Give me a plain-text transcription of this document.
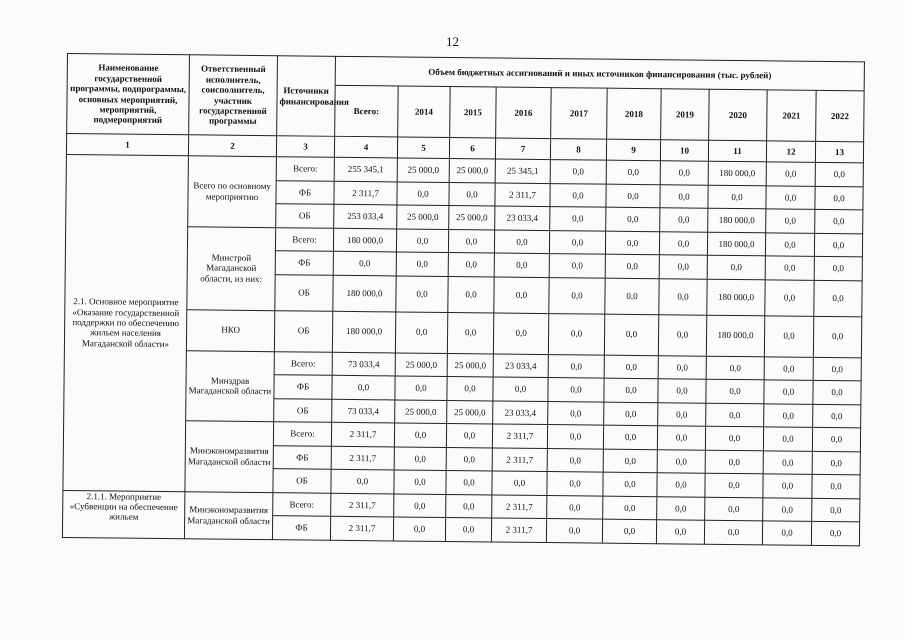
12
Наименование государственной программы, подпрограммы, основных мероприятий, мероприятий, подмероприятий	Ответственный исполнитель, соисполнитель, участник государственной программы	Источники финансирования	Объем бюджетных ассигнований и иных источников финансирования (тыс. рублей)									
			Всего:	2014	2015	2016	2017	2018	2019	2020	2021	2022
1	2	3	4	5	6	7	8	9	10	11	12	13
2.1. Основное мероприятие «Оказание государственной поддержки по обеспечению жильем населения Магаданской области»	Всего по основному мероприятию	Всего:	255 345,1	25 000,0	25 000,0	25 345,1	0,0	0,0	0,0	180 000,0	0,0	0,0
		ФБ	2 311,7	0,0	0,0	2 311,7	0,0	0,0	0,0	0,0	0,0	0,0
		ОБ	253 033,4	25 000,0	25 000,0	23 033,4	0,0	0,0	0,0	180 000,0	0,0	0,0
	Минстрой Магаданской области, из них:	Всего:	180 000,0	0,0	0,0	0,0	0,0	0,0	0,0	180 000,0	0,0	0,0
		ФБ	0,0	0,0	0,0	0,0	0,0	0,0	0,0	0,0	0,0	0,0
		ОБ	180 000,0	0,0	0,0	0,0	0,0	0,0	0,0	180 000,0	0,0	0,0
	НКО	ОБ	180 000,0	0,0	0,0	0,0	0,0	0,0	0,0	180 000,0	0,0	0,0
	Минздрав Магаданской области	Всего:	73 033,4	25 000,0	25 000,0	23 033,4	0,0	0,0	0,0	0,0	0,0	0,0
		ФБ	0,0	0,0	0,0	0,0	0,0	0,0	0,0	0,0	0,0	0,0
		ОБ	73 033,4	25 000,0	25 000,0	23 033,4	0,0	0,0	0,0	0,0	0,0	0,0
	Минэкономразвития Магаданской области	Всего:	2 311,7	0,0	0,0	2 311,7	0,0	0,0	0,0	0,0	0,0	0,0
		ФБ	2 311,7	0,0	0,0	2 311,7	0,0	0,0	0,0	0,0	0,0	0,0
		ОБ	0,0	0,0	0,0	0,0	0,0	0,0	0,0	0,0	0,0	0,0
2.1.1. Мероприятие «Субвенции на обеспечение жильем	Минэкономразвития Магаданской области	Всего:	2 311,7	0,0	0,0	2 311,7	0,0	0,0	0,0	0,0	0,0	0,0
		ФБ	2 311,7	0,0	0,0	2 311,7	0,0	0,0	0,0	0,0	0,0	0,0
